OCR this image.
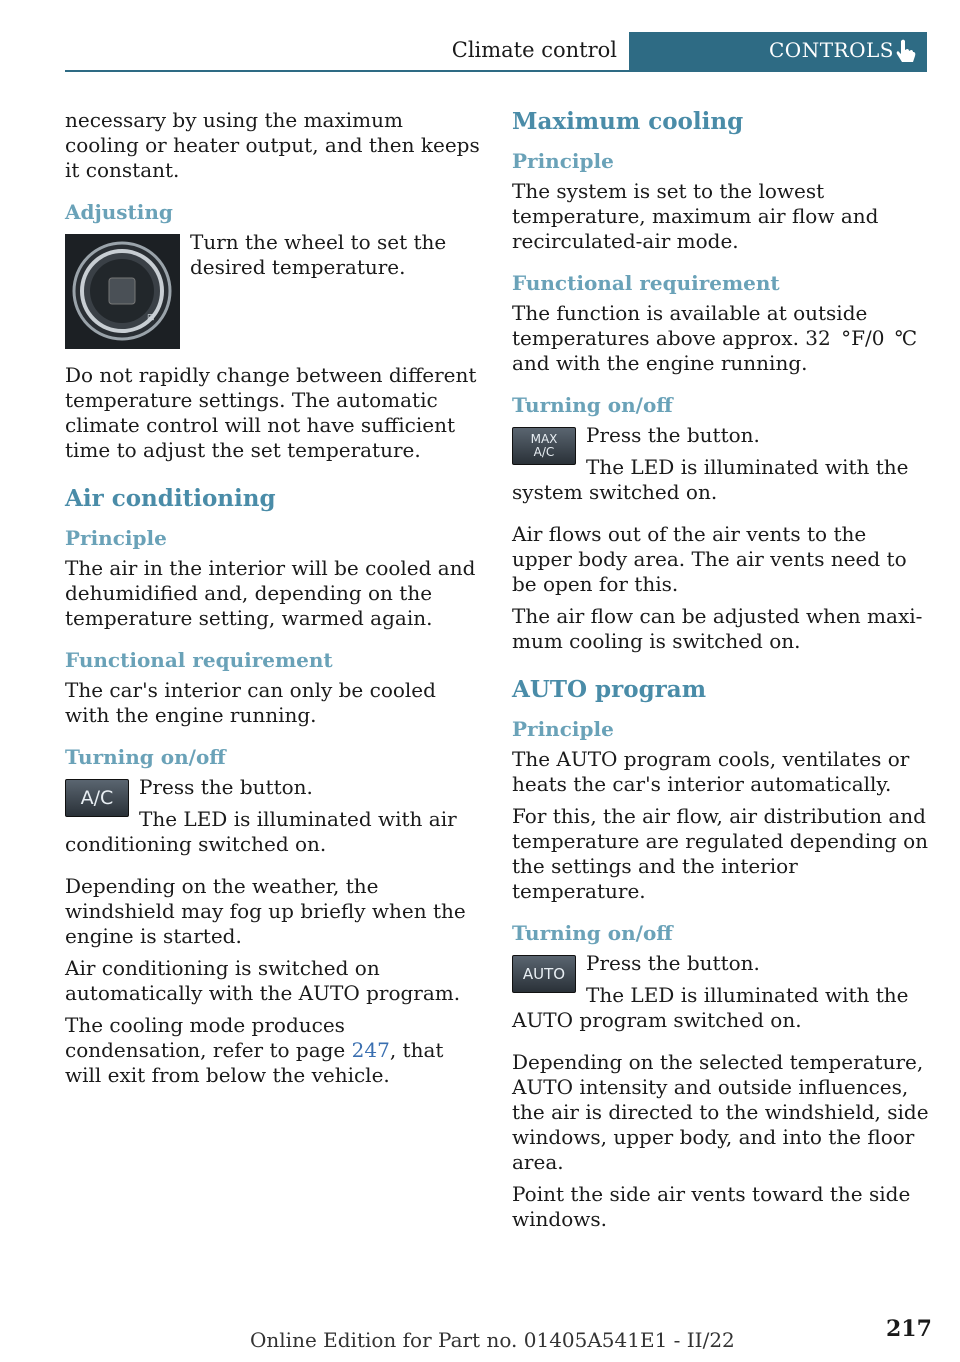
Climate control	CONTROLS

necessary by using the maximum cooling or heater output, and then keeps it constant.

Adjusting
⊞

Turn the wheel to set the desired temperature.

Do not rapidly change between different temperature settings. The automatic climate control will not have sufficient time to adjust the set temperature.

Air conditioning
Principle

The air in the interior will be cooled and dehumidified and, depending on the temperature setting, warmed again.

Functional requirement

The car's interior can only be cooled with the engine running.

Turning on/off
A/C	Press the button.

The LED is illuminated with air conditioning switched on.

Depending on the weather, the windshield may fog up briefly when the engine is started.

Air conditioning is switched on automatically with the AUTO program.

The cooling mode produces condensation, refer to page 247, that will exit from below the vehicle.

Maximum cooling
Principle

The system is set to the lowest temperature, maximum air flow and recirculated-air mode.

Functional requirement

The function is available at outside temperatures above approx. 32  °F/0  ℃ and with the engine running.

Turning on/off
MAX
A/C

Press the button.

The LED is illuminated with the system switched on.

Air flows out of the air vents to the upper body area. The air vents need to be open for this.

The air flow can be adjusted when maximum cooling is switched on.

AUTO program
Principle

The AUTO program cools, ventilates or heats the car's interior automatically.

For this, the air flow, air distribution and temperature are regulated depending on the settings and the interior temperature.

Turning on/off
AUTO	Press the button.

The LED is illuminated with the AUTO program switched on.

Depending on the selected temperature, AUTO intensity and outside influences, the air is directed to the windshield, side windows, upper body, and into the floor area.

Point the side air vents toward the side windows.

Online Edition for Part no. 01405A541E1 - II/22	217
